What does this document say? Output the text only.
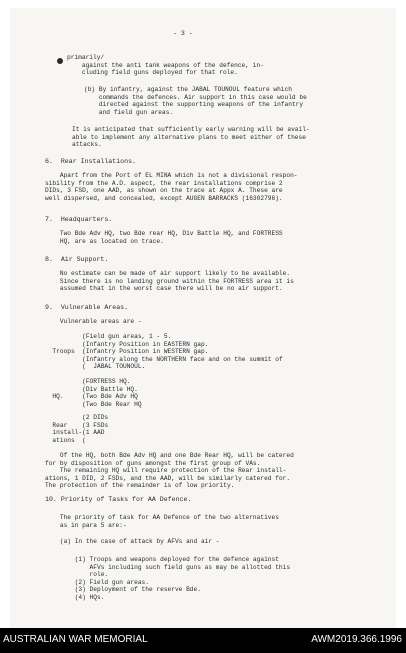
- 3 -

primarily/
against the anti tank weapons of the defence, in-
cluding field guns deployed for that role.

(b) By infantry, against the JABAL TOUNOUL feature which
commands the defences. Air support in this case would be
directed against the supporting weapons of the infantry
and field gun areas.

It is anticipated that sufficiently early warning will be avail-
able to implement any alternative plans to meet either of these
attacks.

6.  Rear Installations.

Apart from the Port of EL MINA which is not a divisional respon-
sibility from the A.D. aspect, the rear installations comprise 2
DIDs, 3 FSD, one AAD, as shown on the trace at Appx A. These are
well dispersed, and concealed, except AUGEN BARRACKS (16302796).

7.  Headquarters.

Two Bde Adv HQ, two Bde rear HQ, Div Battle HQ, and FORTRESS
HQ, are as located on trace.

8.  Air Support.

No estimate can be made of air support likely to be available.
Since there is no landing ground within the FORTRESS area it is
assumed that in the worst case there will be no air support.

9.  Vulnerable Areas.

Vulnerable areas are -

(Field gun areas, 1 - 5.
(Infantry Position in EASTERN gap.
Troops  (Infantry Position in WESTERN gap.
(Infantry along the NORTHERN face and on the summit of
(  JABAL TOUNOUL.

(FORTRESS HQ.
(Div Battle HQ.
HQ.     (Two Bde Adv HQ
(Two Bde Rear HQ

(2 DIDs
Rear    (3 FSDs
install-(1 AAD
ations  (

Of the HQ, both Bde Adv HQ and one Bde Rear HQ, will be catered
for by disposition of guns amongst the first group of VAs.
The remaining HQ will require protection of the Rear install-
ations, 1 DID, 2 FSDs, and the AAD, will be similarly catered for.
The protection of the remainder is of low priority.

10. Priority of Tasks for AA Defence.

The priority of task for AA Defence of the two alternatives
as in para 5 are:-

(a) In the case of attack by AFVs and air -

(1) Troops and weapons deployed for the defence against
AFVs including such field guns as may be allotted this
role.
(2) Field gun areas.
(3) Deployment of the reserve Bde.
(4) HQs.

AUSTRALIAN WAR MEMORIAL	AWM2019.366.1996
